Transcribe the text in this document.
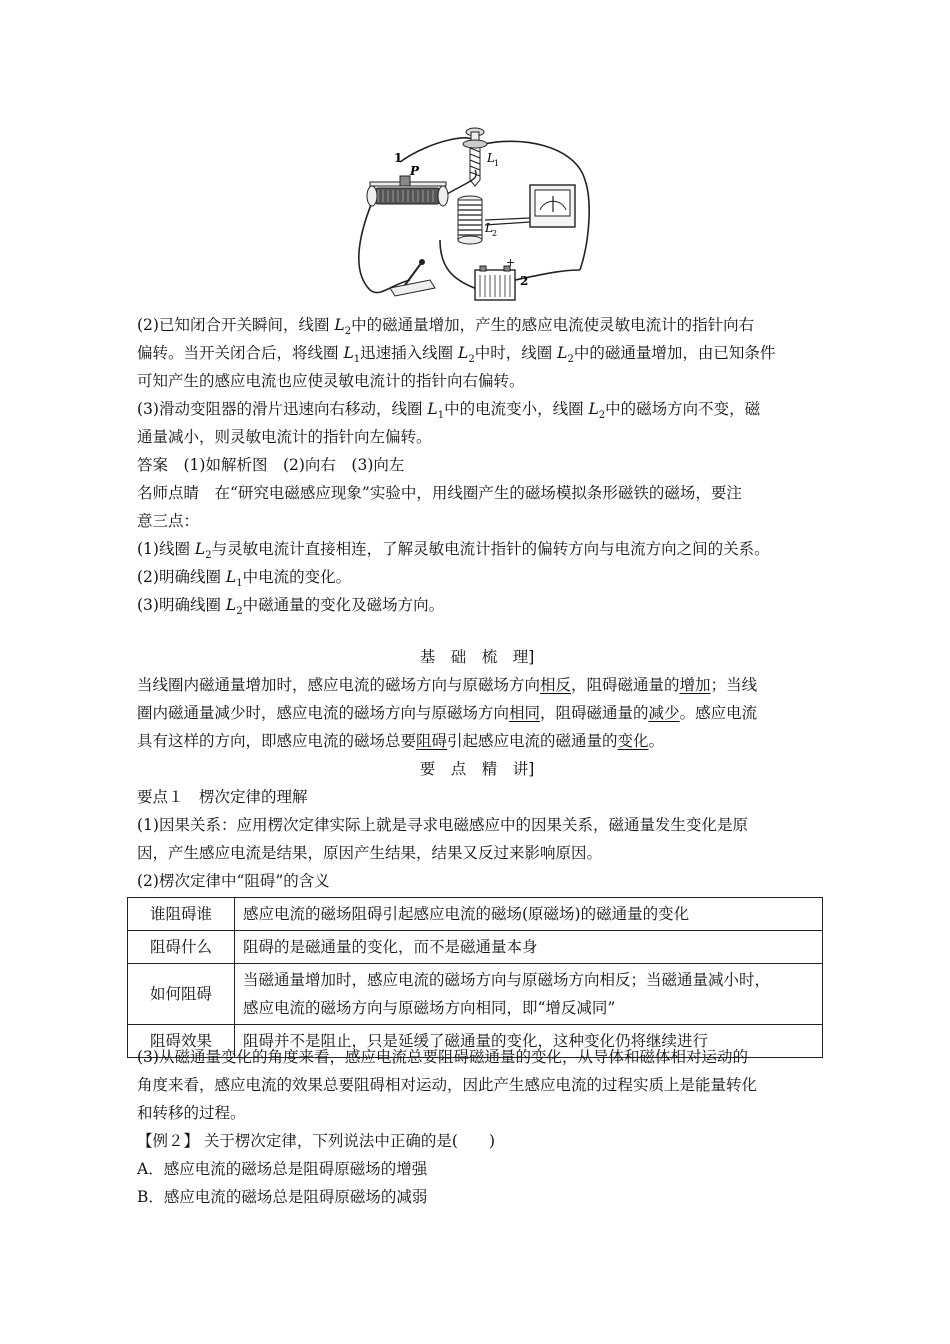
1
2
P
L 1
L 2
+
(2)已知闭合开关瞬间，线圈 $L_2$中的磁通量增加，产生的感应电流使灵敏电流计的指针向右
偏转。当开关闭合后，将线圈 $L_1$迅速插入线圈 $L_2$中时，线圈 $L_2$中的磁通量增加，由已知条件
可知产生的感应电流也应使灵敏电流计的指针向右偏转。
(3)滑动变阻器的滑片迅速向右移动，线圈 $L_1$中的电流变小，线圈 $L_2$中的磁场方向不变，磁
通量减小，则灵敏电流计的指针向左偏转。
答案　(1)如解析图　(2)向右　(3)向左
名师点睛　在“研究电磁感应现象”实验中，用线圈产生的磁场模拟条形磁铁的磁场，要注
意三点：
(1)线圈 $L_2$与灵敏电流计直接相连，了解灵敏电流计指针的偏转方向与电流方向之间的关系。
(2)明确线圈 $L_1$中电流的变化。
(3)明确线圈 $L_2$中磁通量的变化及磁场方向。
基　础　梳　理]
当线圈内磁通量增加时，感应电流的磁场方向与原磁场方向相反，阻碍磁通量的增加；当线
圈内磁通量减少时，感应电流的磁场方向与原磁场方向相同，阻碍磁通量的减少。感应电流
具有这样的方向，即感应电流的磁场总要阻碍引起感应电流的磁通量的变化。
要　点　精　讲]
要点１　楞次定律的理解
(1)因果关系：应用楞次定律实际上就是寻求电磁感应中的因果关系，磁通量发生变化是原
因，产生感应电流是结果，原因产生结果，结果又反过来影响原因。
(2)楞次定律中“阻碍”的含义
谁阻碍谁	感应电流的磁场阻碍引起感应电流的磁场(原磁场)的磁通量的变化
阻碍什么	阻碍的是磁通量的变化，而不是磁通量本身
如何阻碍	当磁通量增加时，感应电流的磁场方向与原磁场方向相反；当磁通量减小时，
感应电流的磁场方向与原磁场方向相同，即“增反减同”

阻碍效果	阻碍并不是阻止，只是延缓了磁通量的变化，这种变化仍将继续进行
(3)从磁通量变化的角度来看，感应电流总要阻碍磁通量的变化，从导体和磁体相对运动的
角度来看，感应电流的效果总要阻碍相对运动，因此产生感应电流的过程实质上是能量转化
和转移的过程。
【例２】 关于楞次定律，下列说法中正确的是(　　)
A．感应电流的磁场总是阻碍原磁场的增强
B．感应电流的磁场总是阻碍原磁场的减弱
